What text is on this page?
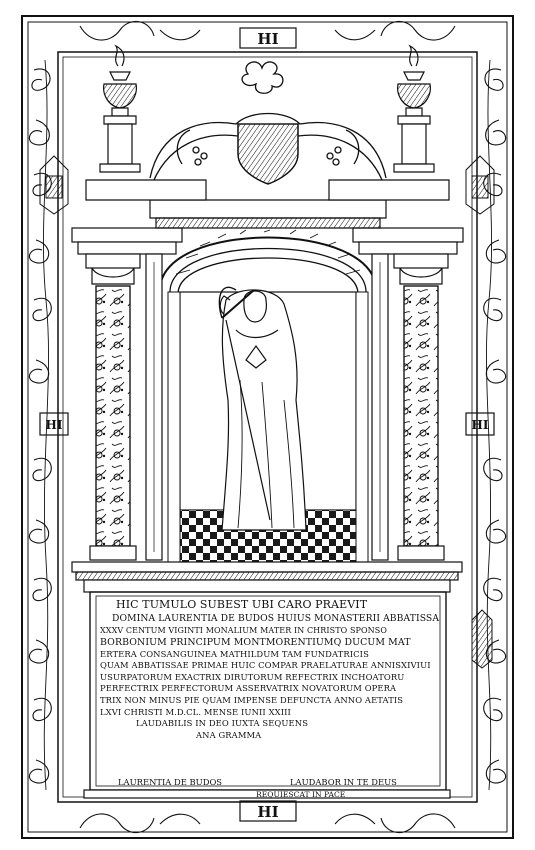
HI
HI
HI	HI
HIC TUMULO SUBEST UBI CARO PRAEVIT
DOMINA LAURENTIA DE BUDOS HUIUS MONASTERII ABBATISSA
XXXV CENTUM VIGINTI MONALIUM MATER IN CHRISTO SPONSO
BORBONIUM PRINCIPUM MONTMORENTIUMQ DUCUM MAT
ERTERA CONSANGUINEA MATHILDUM TAM FUNDATRICIS
QUAM ABBATISSAE PRIMAE HUIC COMPAR PRAELATURAE ANNISXIVIUI
USURPATORUM EXACTRIX DIRUTORUM REFECTRIX INCHOATORU
PERFECTRIX PERFECTORUM ASSERVATRIX NOVATORUM OPERA
TRIX NON MINUS PIE QUAM IMPENSE DEFUNCTA ANNO AETATIS
LXVI CHRISTI M.D.CL. MENSE IUNII XXIII
LAUDABILIS IN DEO IUXTA SEQUENS
ANA GRAMMA
LAURENTIA DE BUDOS	LAUDABOR IN TE DEUS
REQUIESCAT IN PACE
